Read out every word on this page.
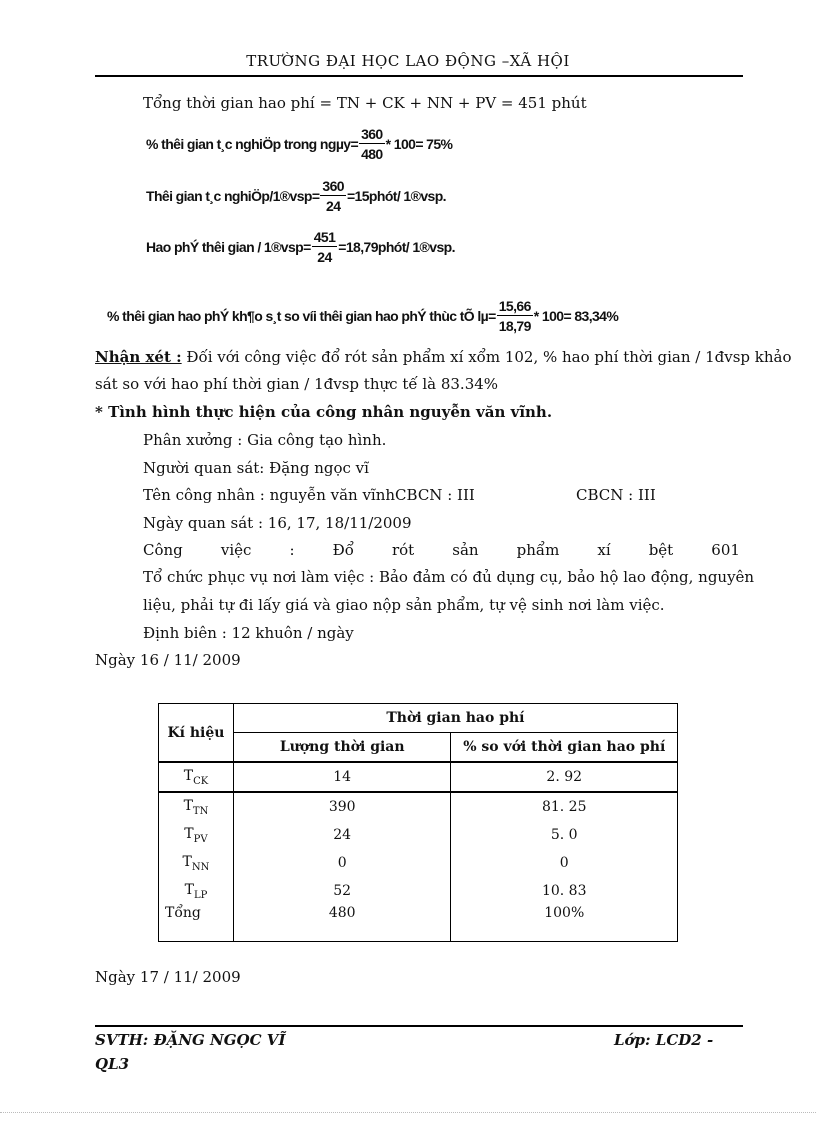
TRƯỜNG ĐẠI HỌC LAO ĐỘNG –XÃ HỘI
Tổng thời gian hao phí = TN + CK + NN + PV = 451 phút
% thêi gian t¸c nghiÖp trong $ng\mu y= \frac{360}{480} * 100= 75\%$
Thêi gian t¸c nghiÖp/1®vsp= $\frac{360}{24}$ =15phót/ 1®vsp.
Hao phÝ thêi gian / 1®vsp= $\frac{451}{24}$ =18,79phót/ 1®vsp.
% thêi gian hao phÝ kh¶o s¸t so víi thêi gian hao phÝ thùc tÕ $l\mu= \frac{15,66}{18,79} * 100= 83,34\%$
Nhận xét : Đối với công việc đổ rót sản phẩm xí xổm 102, % hao phí thời gian / 1đvsp khảo
sát so với hao phí thời gian / 1đvsp thực tế là 83.34%
* Tình hình thực hiện của công nhân nguyễn văn vĩnh.
Phân xưởng : Gia công tạo hình.
Người quan sát: Đặng ngọc vĩ
Tên công nhân : nguyễn văn vĩnhCBCN : III	CBCN : III
Ngày quan sát : 16, 17, 18/11/2009
Công	việc	:	Đổ	rót	sản	phẩm	xí	bệt	601
Tổ chức phục vụ nơi làm việc : Bảo đảm có đủ dụng cụ, bảo hộ lao động, nguyên
liệu, phải tự đi lấy giá và giao nộp sản phẩm, tự vệ sinh nơi làm việc.
Định biên : 12 khuôn / ngày
Ngày 16 / 11/ 2009
Kí hiệu	Thời gian hao phí	
	Lượng thời gian	% so với thời gian hao phí
$T_{CK}$	14	2. 92
$T_{TN}$	390	81. 25
$T_{PV}$	24	5. 0
$T_{NN}$	0	0
$T_{LP}$	52	10. 83
Tổng	480	100%
Ngày 17 / 11/ 2009
SVTH: ĐẶNG NGỌC VĨ
QL3
Lớp: LCD2 -
